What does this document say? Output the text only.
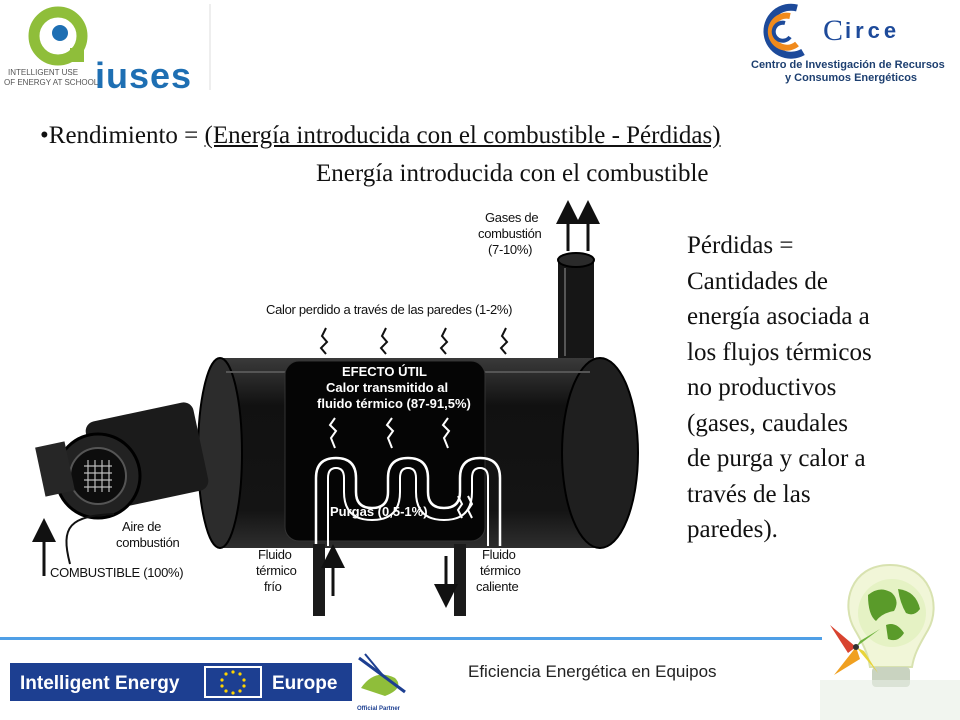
iuses
INTELLIGENT USE
OF ENERGY AT SCHOOL
C irce
Centro de Investigación de Recursos
y Consumos Energéticos
•Rendimiento = (Energía introducida con el combustible - Pérdidas)
Energía introducida con el combustible
Pérdidas =
Cantidades de
energía asociada a
los flujos térmicos
no productivos
(gases, caudales
de purga y calor a
través de las
paredes).
Gases de
combustión
(7-10%)
Calor perdido a través de las paredes (1-2%)
EFECTO ÚTIL
Calor transmitido al
fluido térmico (87-91,5%)
Purgas (0,5-1%)
Aire de
combustión
COMBUSTIBLE (100%)
Fluido
térmico
frío
Fluido
térmico
caliente
Intelligent Energy	Europe
Official Partner
Eficiencia Energética en Equipos
